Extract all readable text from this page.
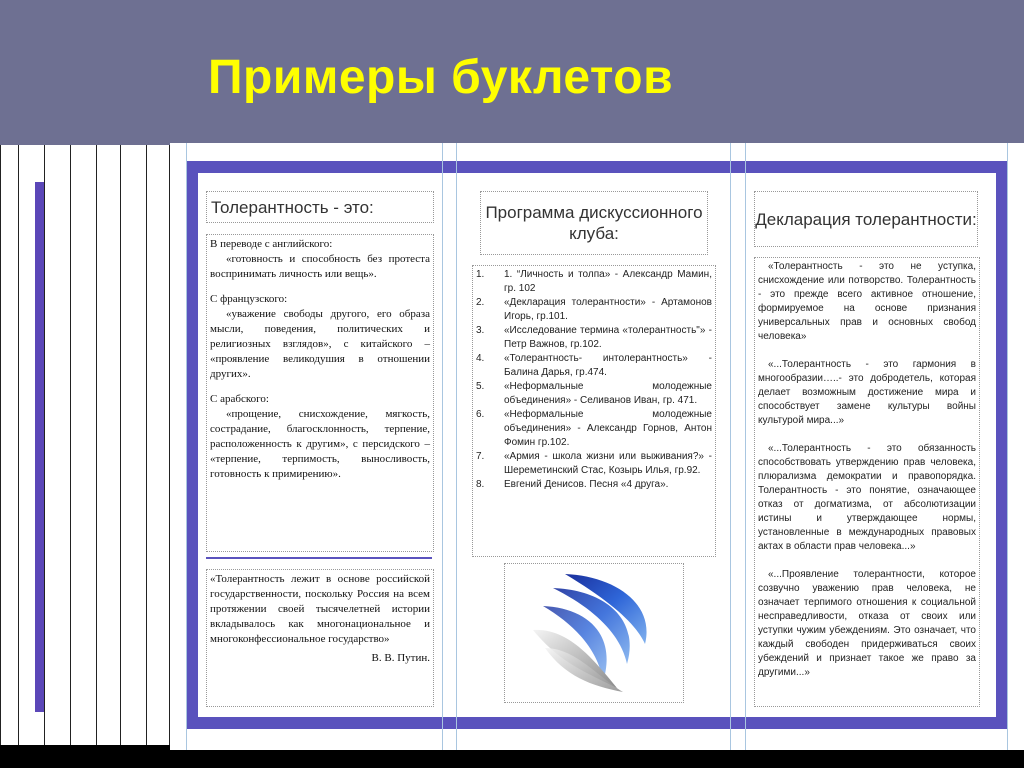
Примеры буклетов
Толерантность - это:
В переводе с английского:
«готовность и способность без протеста воспринимать личность или вещь».
С французского:
«уважение свободы другого, его образа мысли, поведения, политических и религиозных взглядов», с китайского – «проявление великодушия в отношении других».
С арабского:
«прощение, снисхождение, мягкость, сострадание, благосклонность, терпение, расположенность к другим», с персидского – «терпение, терпимость, выносливость, готовность к примирению».
«Толерантность лежит в основе российской государственности, поскольку Россия на всем протяжении своей тысячелетней истории вкладывалось как многонациональное и многоконфессиональное государство»
В. В. Путин.
Программа дискуссионного клуба:
1.	1. “Личность и толпа» - Александр Мамин, гр. 102
2.	«Декларация толерантности» - Артамонов Игорь, гр.101.
3.	«Исследование термина «толерантность"» - Петр Важнов, гр.102.
4.	«Толерантность- интолерантность» - Балина Дарья, гр.474.
5.	«Неформальные молодежные объединения» - Селиванов Иван, гр. 471.
6.	«Неформальные молодежные объединения» - Александр Горнов, Антон Фомин гр.102.
7.	«Армия - школа жизни или выживания?» - Шереметинский Стас, Козырь Илья, гр.92.
8.	Евгений Денисов. Песня «4 друга».
Декларация толерантности:
«Толерантность - это не уступка, снисхождение или потворство. Толерантность - это прежде всего активное отношение, формируемое на основе признания универсальных прав и основных свобод человека»
«...Толерантность - это гармония в многообразии…..- это добродетель, которая делает возможным достижение мира и способствует замене культуры войны культурой мира...»
«...Толерантность - это обязанность способствовать утверждению прав человека, плюрализма демократии и правопорядка. Толерантность - это понятие, означающее отказ от догматизма, от абсолютизации истины и утверждающее нормы, установленные в международных правовых актах в области прав человека...»
«...Проявление толерантности, которое созвучно уважению прав человека, не означает терпимого отношения к социальной несправедливости, отказа от своих или уступки чужим убеждениям. Это означает, что каждый свободен придерживаться своих убеждений и признает такое же право за другими...»
